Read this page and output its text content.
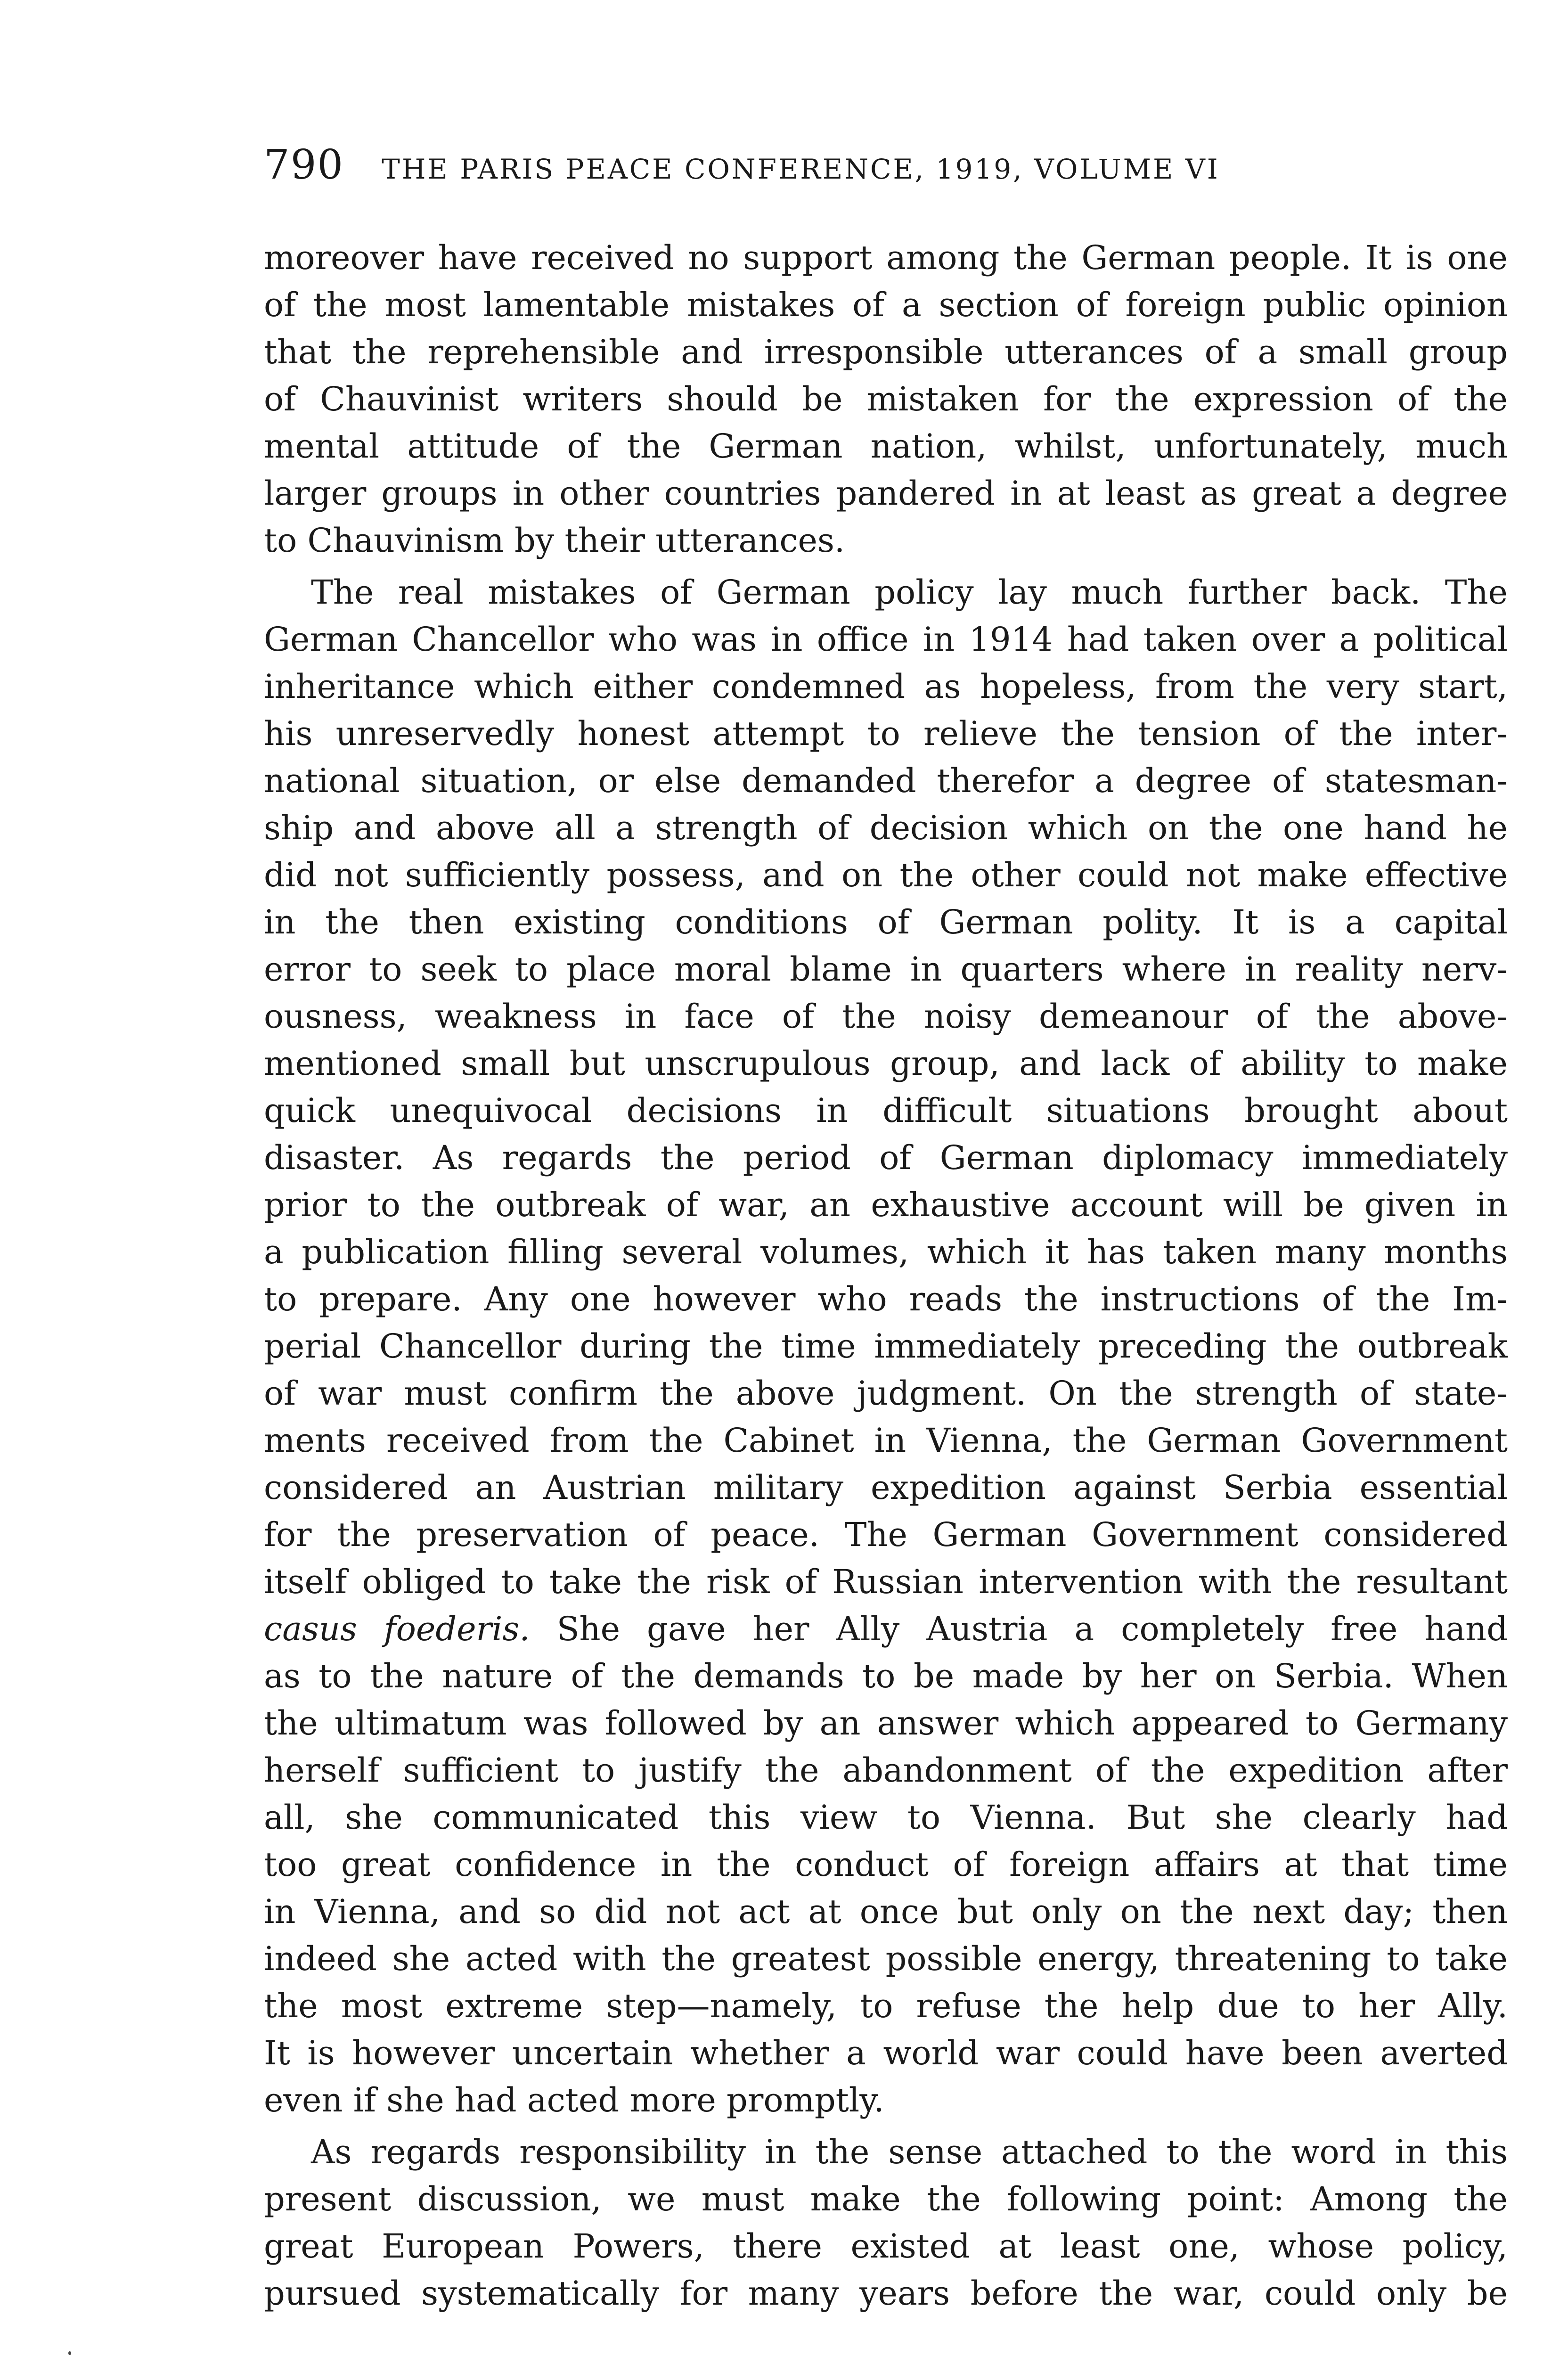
790 THE PARIS PEACE CONFERENCE, 1919, VOLUME VI
moreover have received no support among the German people. It is one
of the most lamentable mistakes of a section of foreign public opinion
that the reprehensible and irresponsible utterances of a small group
of Chauvinist writers should be mistaken for the expression of the
mental attitude of the German nation, whilst, unfortunately, much
larger groups in other countries pandered in at least as great a degree
to Chauvinism by their utterances.
The real mistakes of German policy lay much further back. The
German Chancellor who was in office in 1914 had taken over a political
inheritance which either condemned as hopeless, from the very start,
his unreservedly honest attempt to relieve the tension of the inter-
national situation, or else demanded therefor a degree of statesman-
ship and above all a strength of decision which on the one hand he
did not sufficiently possess, and on the other could not make effective
in the then existing conditions of German polity. It is a capital
error to seek to place moral blame in quarters where in reality nerv-
ousness, weakness in face of the noisy demeanour of the above-
mentioned small but unscrupulous group, and lack of ability to make
quick unequivocal decisions in difficult situations brought about
disaster. As regards the period of German diplomacy immediately
prior to the outbreak of war, an exhaustive account will be given in
a publication filling several volumes, which it has taken many months
to prepare. Any one however who reads the instructions of the Im-
perial Chancellor during the time immediately preceding the outbreak
of war must confirm the above judgment. On the strength of state-
ments received from the Cabinet in Vienna, the German Government
considered an Austrian military expedition against Serbia essential
for the preservation of peace. The German Government considered
itself obliged to take the risk of Russian intervention with the resultant
casus foederis. She gave her Ally Austria a completely free hand
as to the nature of the demands to be made by her on Serbia. When
the ultimatum was followed by an answer which appeared to Germany
herself sufficient to justify the abandonment of the expedition after
all, she communicated this view to Vienna. But she clearly had
too great confidence in the conduct of foreign affairs at that time
in Vienna, and so did not act at once but only on the next day; then
indeed she acted with the greatest possible energy, threatening to take
the most extreme step—namely, to refuse the help due to her Ally.
It is however uncertain whether a world war could have been averted
even if she had acted more promptly.
As regards responsibility in the sense attached to the word in this
present discussion, we must make the following point: Among the
great European Powers, there existed at least one, whose policy,
pursued systematically for many years before the war, could only be
